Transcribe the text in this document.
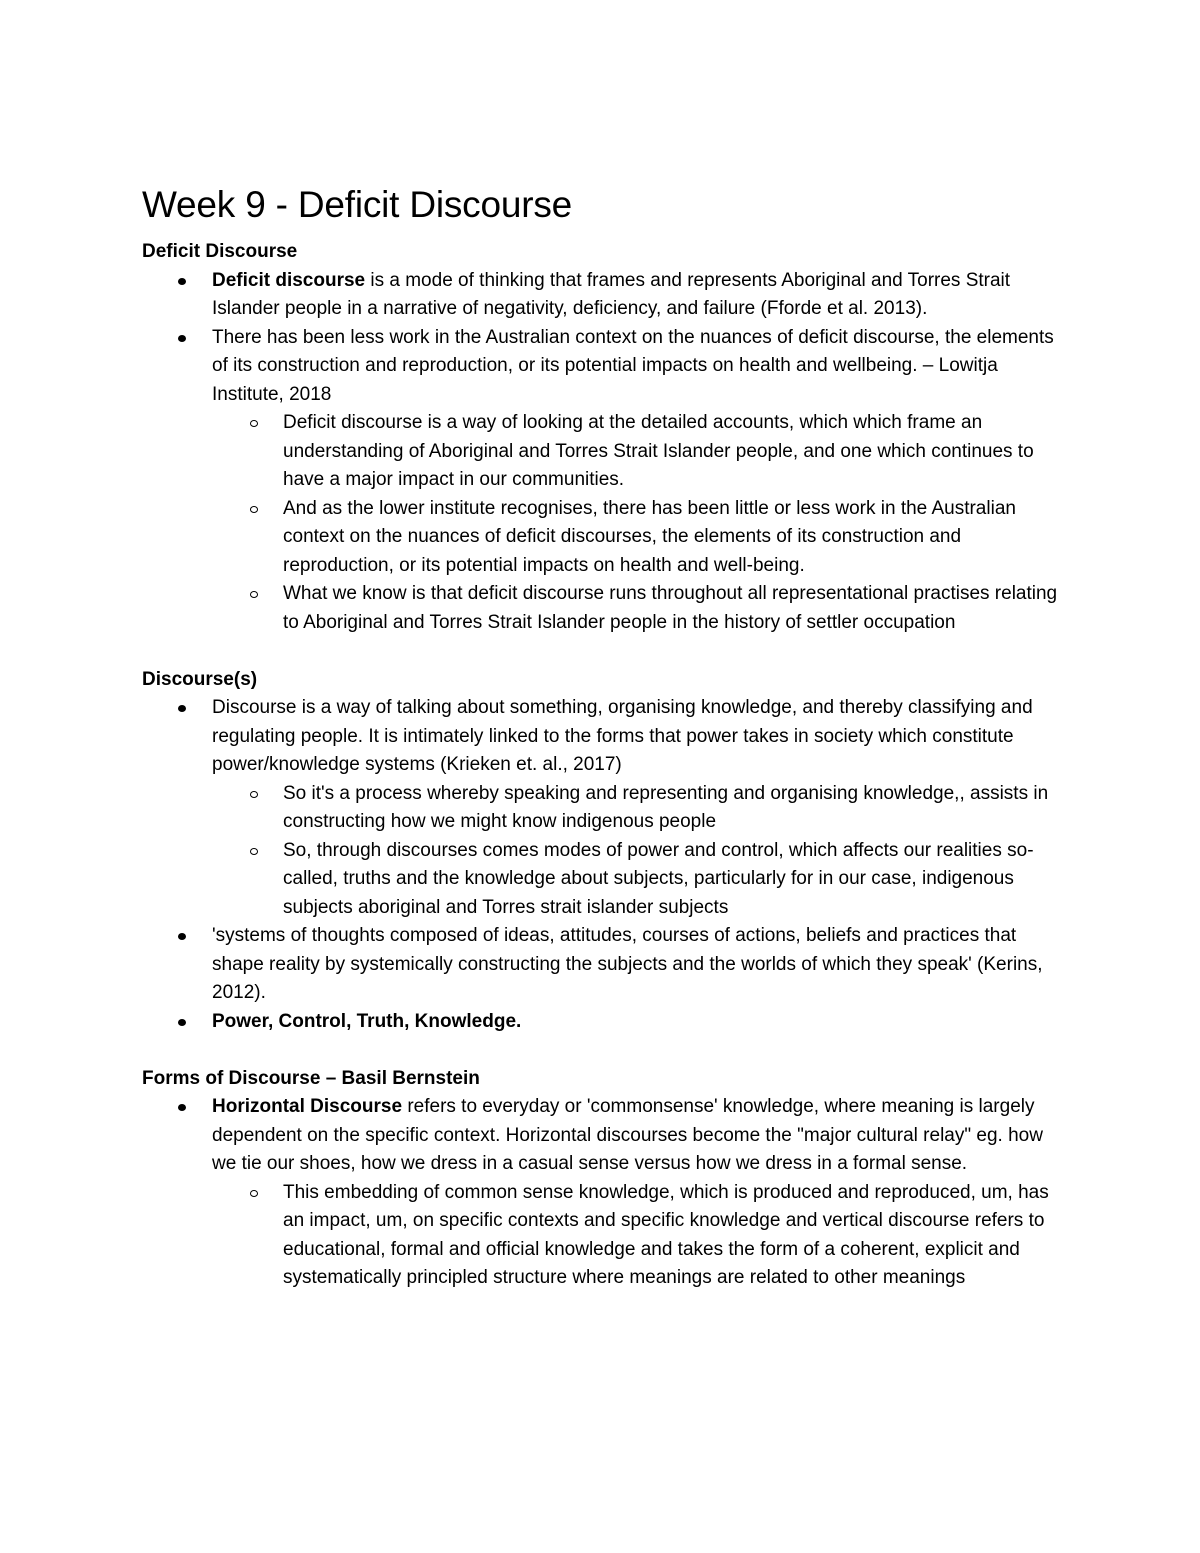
Week 9 - Deficit Discourse
Deficit Discourse
Deficit discourse is a mode of thinking that frames and represents Aboriginal and Torres Strait Islander people in a narrative of negativity, deficiency, and failure (Fforde et al. 2013).
There has been less work in the Australian context on the nuances of deficit discourse, the elements of its construction and reproduction, or its potential impacts on health and wellbeing. – Lowitja Institute, 2018
Deficit discourse is a way of looking at the detailed accounts, which which frame an understanding of Aboriginal and Torres Strait Islander people, and one which continues to have a major impact in our communities.
And as the lower institute recognises, there has been little or less work in the Australian context on the nuances of deficit discourses, the elements of its construction and reproduction, or its potential impacts on health and well-being.
What we know is that deficit discourse runs throughout all representational practises relating to Aboriginal and Torres Strait Islander people in the history of settler occupation
Discourse(s)
Discourse is a way of talking about something, organising knowledge, and thereby classifying and regulating people. It is intimately linked to the forms that power takes in society which constitute power/knowledge systems (Krieken et. al., 2017)
So it's a process whereby speaking and representing and organising knowledge,, assists in constructing how we might know indigenous people
So, through discourses comes modes of power and control, which affects our realities so-called, truths and the knowledge about subjects, particularly for in our case, indigenous subjects aboriginal and Torres strait islander subjects
'systems of thoughts composed of ideas, attitudes, courses of actions, beliefs and practices that shape reality by systemically constructing the subjects and the worlds of which they speak' (Kerins, 2012).
Power, Control, Truth, Knowledge.
Forms of Discourse – Basil Bernstein
Horizontal Discourse refers to everyday or 'commonsense' knowledge, where meaning is largely dependent on the specific context. Horizontal discourses become the "major cultural relay" eg. how we tie our shoes, how we dress in a casual sense versus how we dress in a formal sense.
This embedding of common sense knowledge, which is produced and reproduced, um, has an impact, um, on specific contexts and specific knowledge and vertical discourse refers to educational, formal and official knowledge and takes the form of a coherent, explicit and systematically principled structure where meanings are related to other meanings
